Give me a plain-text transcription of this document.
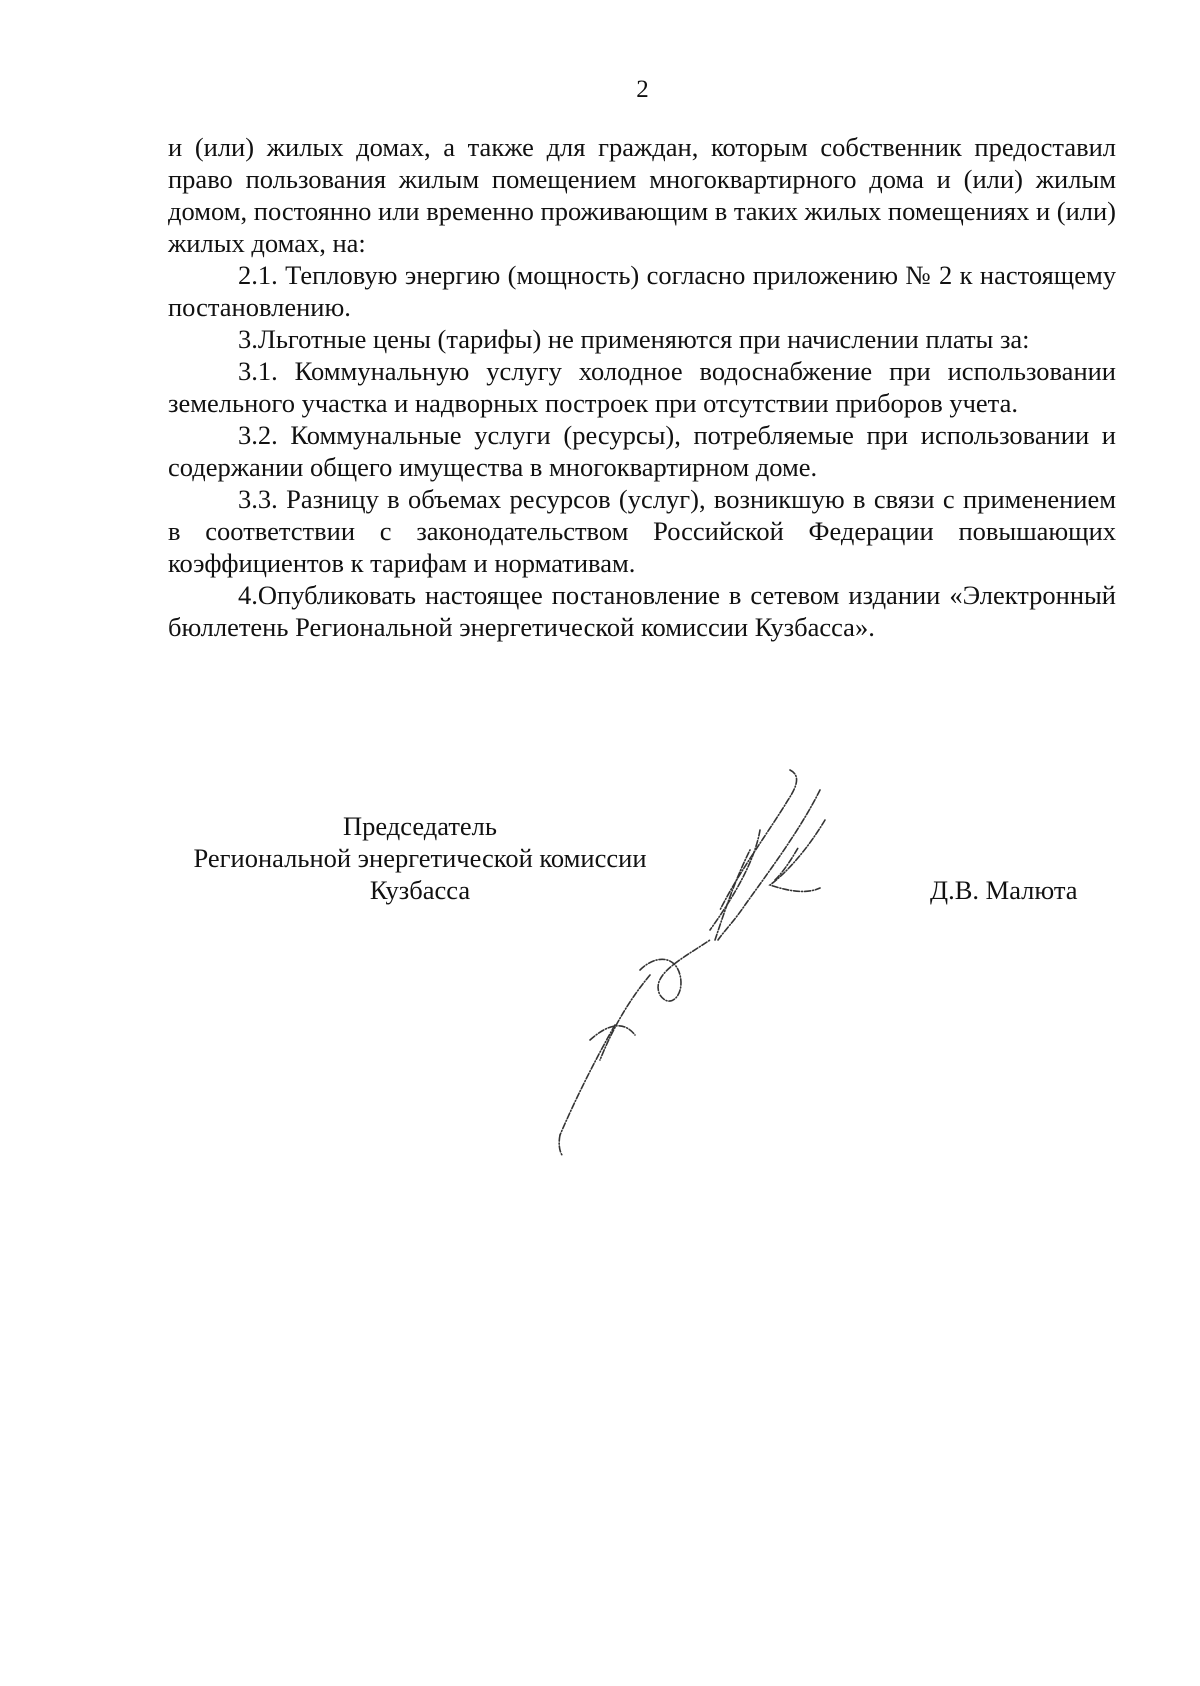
2

и (или) жилых домах, а также для граждан, которым собственник предоставил право пользования жилым помещением многоквартирного дома и (или) жилым домом, постоянно или временно проживающим в таких жилых помещениях и (или) жилых домах, на:

2.1. Тепловую энергию (мощность) согласно приложению № 2 к настоящему постановлению.

3.Льготные цены (тарифы) не применяются при начислении платы за:

3.1. Коммунальную услугу холодное водоснабжение при использовании земельного участка и надворных построек при отсутствии приборов учета.

3.2. Коммунальные услуги (ресурсы), потребляемые при использовании и содержании общего имущества в многоквартирном доме.

3.3. Разницу в объемах ресурсов (услуг), возникшую в связи с применением в соответствии с законодательством Российской Федерации повышающих коэффициентов к тарифам и нормативам.

4.Опубликовать настоящее постановление в сетевом издании «Электронный бюллетень Региональной энергетической комиссии Кузбасса».

Председатель
Региональной энергетической комиссии
Кузбасса	Д.В. Малюта
